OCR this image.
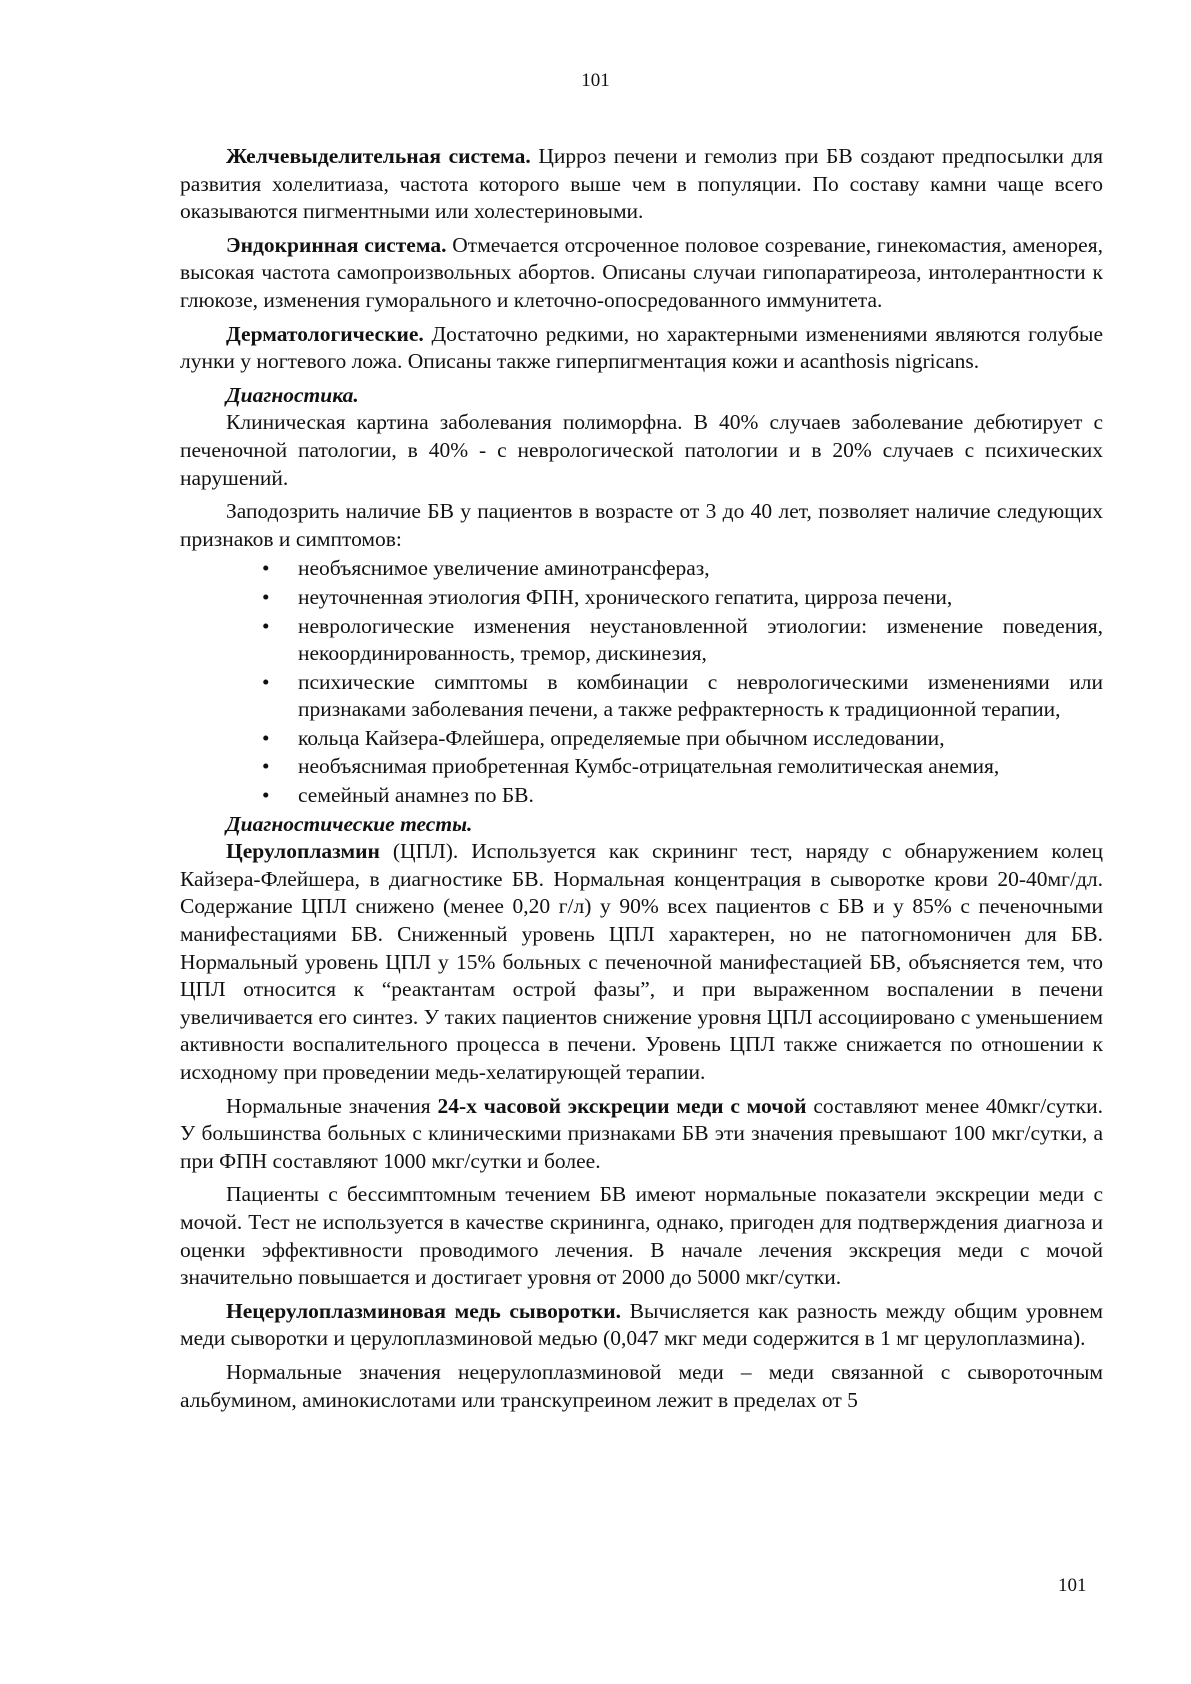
101

Желчевыделительная система. Цирроз печени и гемолиз при БВ создают предпосылки для развития холелитиаза, частота которого выше чем в популяции. По составу камни чаще всего оказываются пигментными или холестериновыми.

Эндокринная система. Отмечается отсроченное половое созревание, гинекомастия, аменорея, высокая частота самопроизвольных абортов. Описаны случаи гипопаратиреоза, интолерантности к глюкозе, изменения гуморального и клеточно-опосредованного иммунитета.

Дерматологические. Достаточно редкими, но характерными изменениями являются голубые лунки у ногтевого ложа. Описаны также гиперпигментация кожи и acanthosis nigricans.

Диагностика.

Клиническая картина заболевания полиморфна. В 40% случаев заболевание дебютирует с печеночной патологии, в 40% - с неврологической патологии и в 20% случаев с психических нарушений.

Заподозрить наличие БВ у пациентов в возрасте от 3 до 40 лет, позволяет наличие следующих признаков и симптомов:

• необъяснимое увеличение аминотрансфераз,
• неуточненная этиология ФПН, хронического гепатита, цирроза печени,
• неврологические изменения неустановленной этиологии: изменение поведения, некоординированность, тремор, дискинезия,
• психические симптомы в комбинации с неврологическими изменениями или признаками заболевания печени, а также рефрактерность к традиционной терапии,
• кольца Кайзера-Флейшера, определяемые при обычном исследовании,
• необъяснимая приобретенная Кумбс-отрицательная гемолитическая анемия,
• семейный анамнез по БВ.

Диагностические тесты.

Церулоплазмин (ЦПЛ). Используется как скрининг тест, наряду с обнаружением колец Кайзера-Флейшера, в диагностике БВ. Нормальная концентрация в сыворотке крови 20-40мг/дл. Содержание ЦПЛ снижено (менее 0,20 г/л) у 90% всех пациентов с БВ и у 85% с печеночными манифестациями БВ. Сниженный уровень ЦПЛ характерен, но не патогномоничен для БВ. Нормальный уровень ЦПЛ у 15% больных с печеночной манифестацией БВ, объясняется тем, что ЦПЛ относится к “реактантам острой фазы”, и при выраженном воспалении в печени увеличивается его синтез. У таких пациентов снижение уровня ЦПЛ ассоциировано с уменьшением активности воспалительного процесса в печени. Уровень ЦПЛ также снижается по отношении к исходному при проведении медь-хелатирующей терапии.

Нормальные значения 24-х часовой экскреции меди с мочой составляют менее 40мкг/сутки. У большинства больных с клиническими признаками БВ эти значения превышают 100 мкг/сутки, а при ФПН составляют 1000 мкг/сутки и более.

Пациенты с бессимптомным течением БВ имеют нормальные показатели экскреции меди с мочой. Тест не используется в качестве скрининга, однако, пригоден для подтверждения диагноза и оценки эффективности проводимого лечения. В начале лечения экскреция меди с мочой значительно повышается и достигает уровня от 2000 до 5000 мкг/сутки.

Нецерулоплазминовая медь сыворотки. Вычисляется как разность между общим уровнем меди сыворотки и церулоплазминовой медью (0,047 мкг меди содержится в 1 мг церулоплазмина).

Нормальные значения нецерулоплазминовой меди – меди связанной с сывороточным альбумином, аминокислотами или транскупреином лежит в пределах от 5

101
